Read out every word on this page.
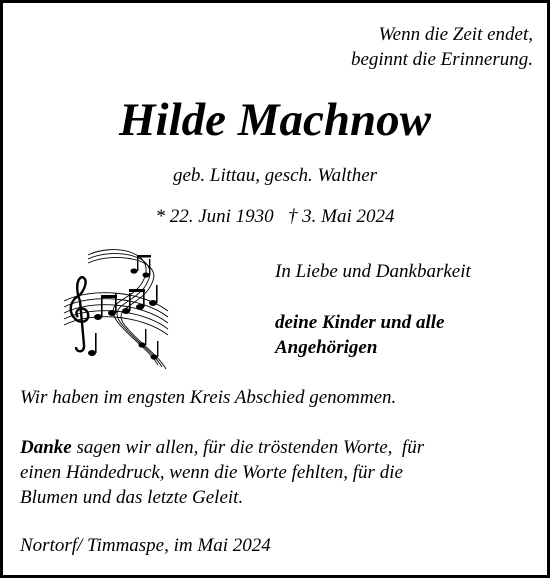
Wenn die Zeit endet,
beginnt die Erinnerung.
Hilde Machnow
geb. Littau, gesch. Walther
* 22. Juni 1930   † 3. Mai 2024
In Liebe und Dankbarkeit
deine Kinder und alle
Angehörigen
Wir haben im engsten Kreis Abschied genommen.
Danke sagen wir allen, für die tröstenden Worte,  für
einen Händedruck, wenn die Worte fehlten, für die
Blumen und das letzte Geleit.
Nortorf/ Timmaspe, im Mai 2024
